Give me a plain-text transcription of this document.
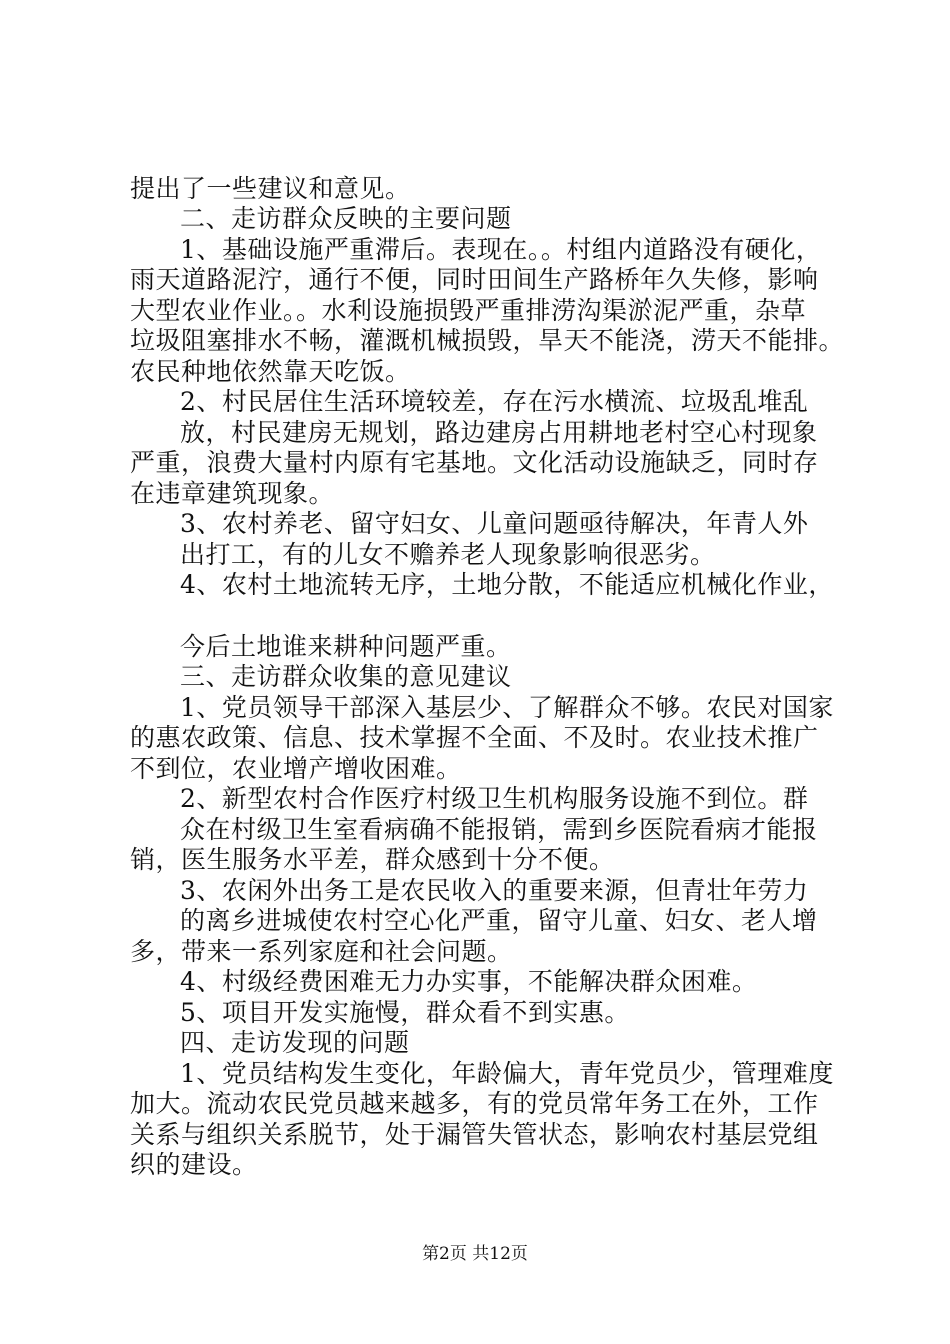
提出了一些建议和意见。
二、走访群众反映的主要问题
1、基础设施严重滞后。表现在。。村组内道路没有硬化，
雨天道路泥泞，通行不便，同时田间生产路桥年久失修，影响
大型农业作业。。水利设施损毁严重排涝沟渠淤泥严重，杂草
垃圾阻塞排水不畅，灌溉机械损毁，旱天不能浇，涝天不能排。
农民种地依然靠天吃饭。
2、村民居住生活环境较差，存在污水横流、垃圾乱堆乱
放，村民建房无规划，路边建房占用耕地老村空心村现象
严重，浪费大量村内原有宅基地。文化活动设施缺乏，同时存
在违章建筑现象。
3、农村养老、留守妇女、儿童问题亟待解决，年青人外
出打工，有的儿女不赡养老人现象影响很恶劣。
4、农村土地流转无序，土地分散，不能适应机械化作业，
今后土地谁来耕种问题严重。
三、走访群众收集的意见建议
1、党员领导干部深入基层少、了解群众不够。农民对国家
的惠农政策、信息、技术掌握不全面、不及时。农业技术推广
不到位，农业增产增收困难。
2、新型农村合作医疗村级卫生机构服务设施不到位。群
众在村级卫生室看病确不能报销，需到乡医院看病才能报
销，医生服务水平差，群众感到十分不便。
3、农闲外出务工是农民收入的重要来源，但青壮年劳力
的离乡进城使农村空心化严重，留守儿童、妇女、老人增
多，带来一系列家庭和社会问题。
4、村级经费困难无力办实事，不能解决群众困难。
5、项目开发实施慢，群众看不到实惠。
四、走访发现的问题
1、党员结构发生变化，年龄偏大，青年党员少，管理难度
加大。流动农民党员越来越多，有的党员常年务工在外，工作
关系与组织关系脱节，处于漏管失管状态，影响农村基层党组
织的建设。
第2页 共12页
